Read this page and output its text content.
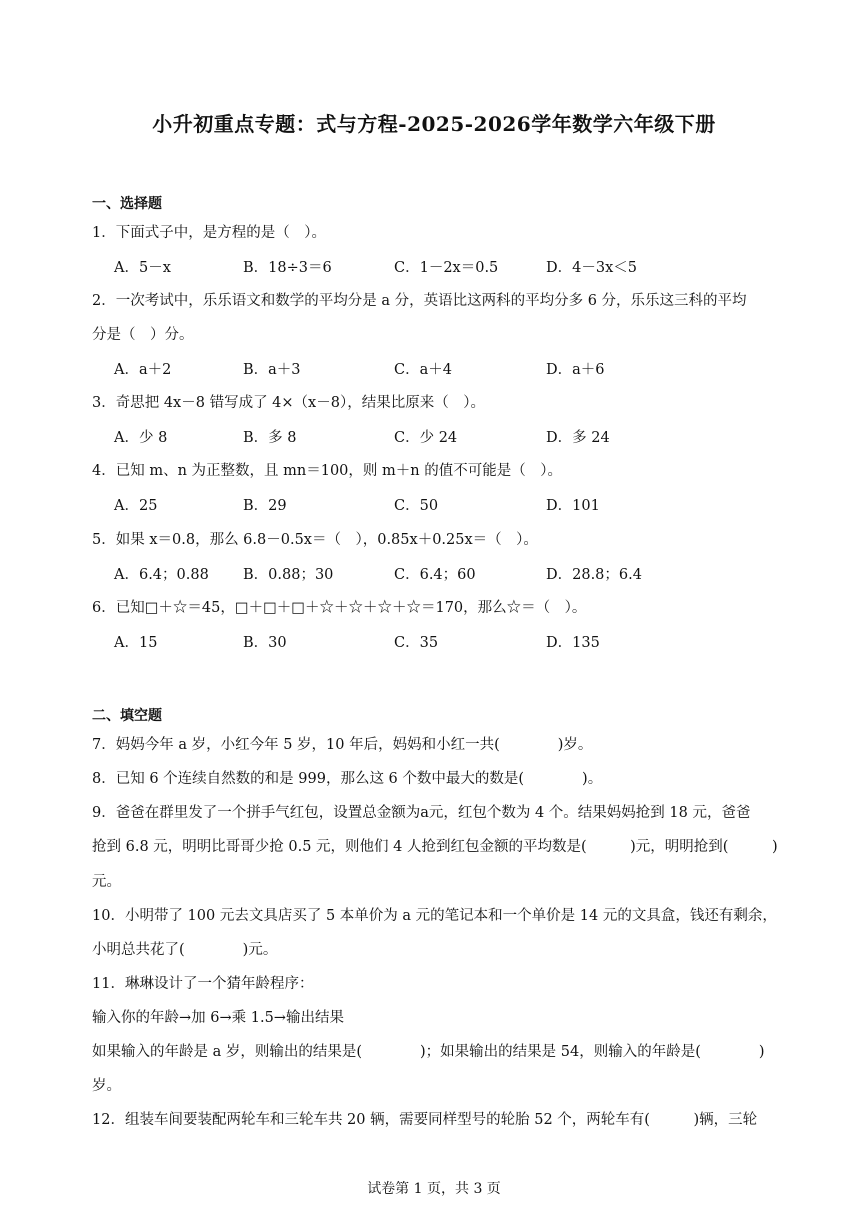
小升初重点专题：式与方程-2025-2026学年数学六年级下册
一、选择题
1．下面式子中，是方程的是（　）。
A．5－x	B．18÷3＝6	C．1－2x＝0.5	D．4－3x＜5
2．一次考试中，乐乐语文和数学的平均分是 a 分，英语比这两科的平均分多 6 分，乐乐这三科的平均
分是（　）分。
A．a＋2	B．a＋3	C．a＋4	D．a＋6
3．奇思把 4x－8 错写成了 4×（x－8），结果比原来（　）。
A．少 8	B．多 8	C．少 24	D．多 24
4．已知 m、n 为正整数，且 mn＝100，则 m＋n 的值不可能是（　）。
A．25	B．29	C．50	D．101
5．如果 x＝0.8，那么 6.8－0.5x＝（　），0.85x＋0.25x＝（　）。
A．6.4；0.88 B．0.88；30	C．6.4；60	D．28.8；6.4
6．已知□＋☆＝45，□＋□＋□＋☆＋☆＋☆＋☆＝170，那么☆＝（　）。
A．15	B．30	C．35	D．135
二、填空题
7．妈妈今年 a 岁，小红今年 5 岁，10 年后，妈妈和小红一共(　　　　)岁。
8．已知 6 个连续自然数的和是 999，那么这 6 个数中最大的数是(　　　　)。
9．爸爸在群里发了一个拼手气红包，设置总金额为a元，红包个数为 4 个。结果妈妈抢到 18 元，爸爸
抢到 6.8 元，明明比哥哥少抢 0.5 元，则他们 4 人抢到红包金额的平均数是(　　　)元，明明抢到(　　　)
元。
10．小明带了 100 元去文具店买了 5 本单价为 a 元的笔记本和一个单价是 14 元的文具盒，钱还有剩余，
小明总共花了(　　　　)元。
11．琳琳设计了一个猜年龄程序：
输入你的年龄→加 6→乘 1.5→输出结果
如果输入的年龄是 a 岁，则输出的结果是(　　　　)；如果输出的结果是 54，则输入的年龄是(　　　　)
岁。
12．组装车间要装配两轮车和三轮车共 20 辆，需要同样型号的轮胎 52 个，两轮车有(　　　)辆，三轮
试卷第 1 页，共 3 页
